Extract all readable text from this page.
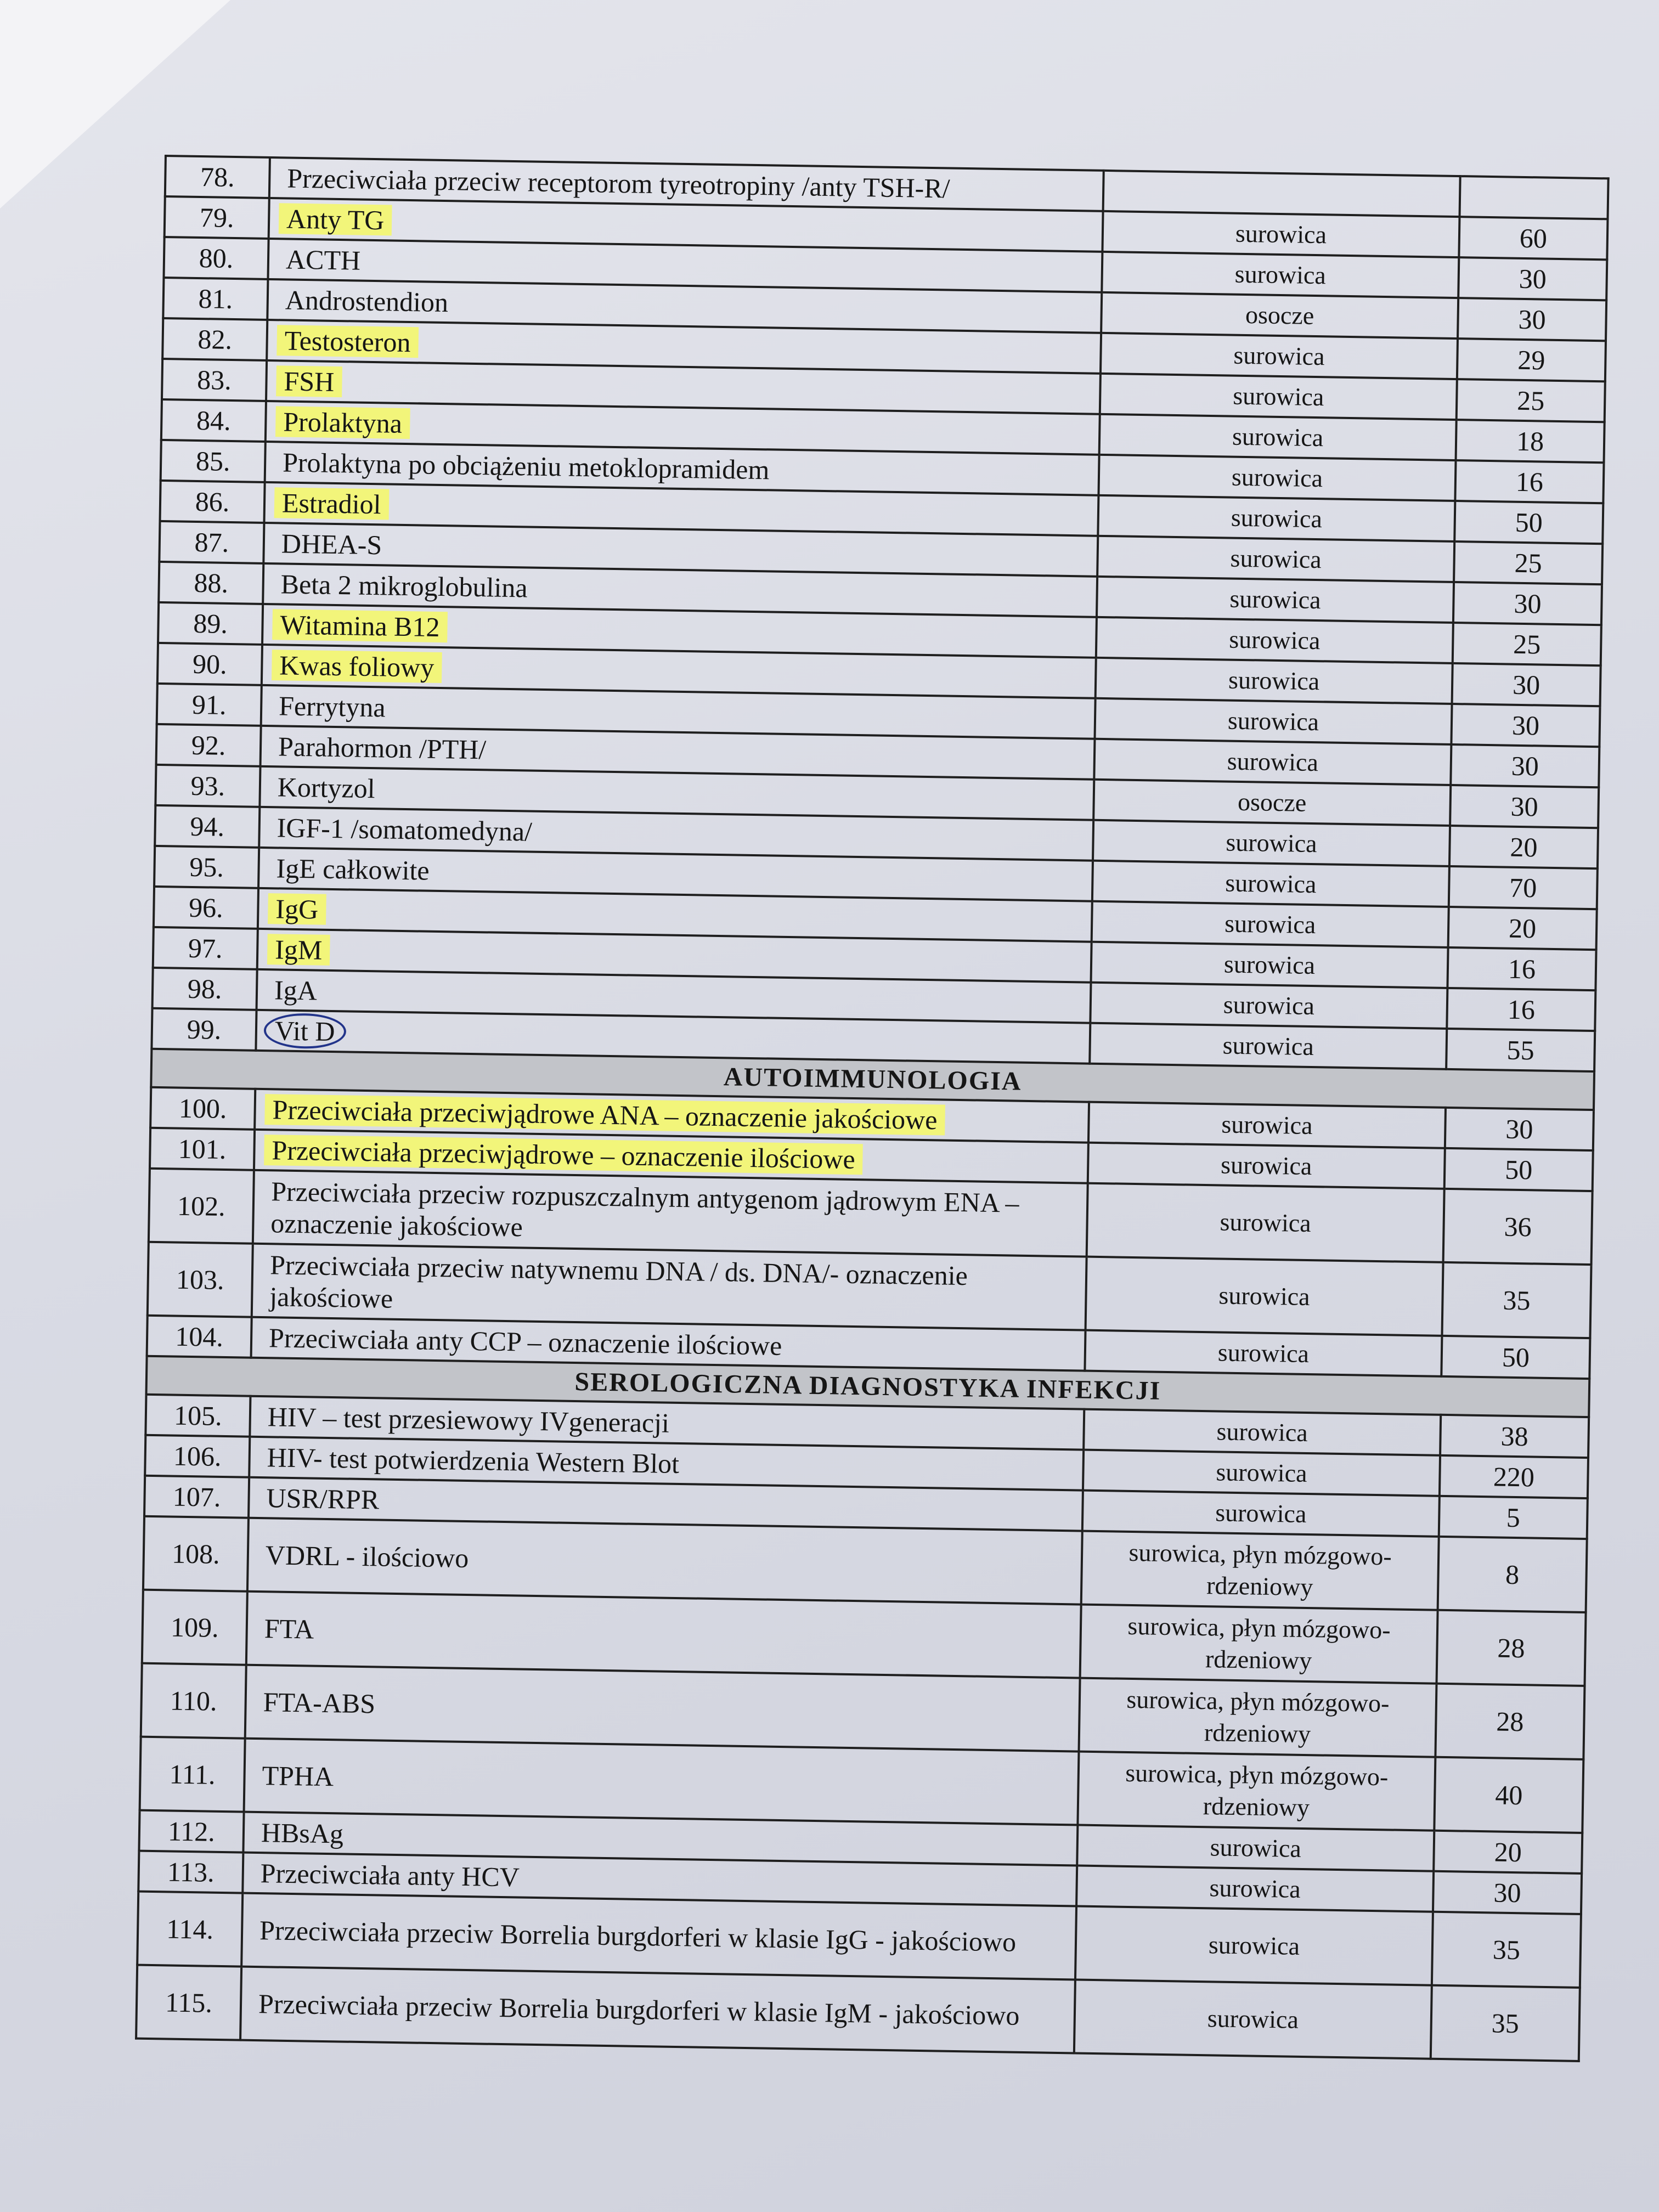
78.	Przeciwciała przeciw receptorom tyreotropiny /anty TSH-R/		
79.	Anty TG	surowica	60
80.	ACTH	surowica	30
81.	Androstendion	osocze	30
82.	Testosteron	surowica	29
83.	FSH	surowica	25
84.	Prolaktyna	surowica	18
85.	Prolaktyna po obciążeniu metoklopramidem	surowica	16
86.	Estradiol	surowica	50
87.	DHEA-S	surowica	25
88.	Beta 2 mikroglobulina	surowica	30
89.	Witamina B12	surowica	25
90.	Kwas foliowy	surowica	30
91.	Ferrytyna	surowica	30
92.	Parahormon /PTH/	surowica	30
93.	Kortyzol	osocze	30
94.	IGF-1 /somatomedyna/	surowica	20
95.	IgE całkowite	surowica	70
96.	IgG	surowica	20
97.	IgM	surowica	16
98.	IgA	surowica	16
99.	Vit D	surowica	55
AUTOIMMUNOLOGIA			
100.	Przeciwciała przeciwjądrowe ANA – oznaczenie jakościowe	surowica	30
101.	Przeciwciała przeciwjądrowe – oznaczenie ilościowe	surowica	50
102.	Przeciwciała przeciw rozpuszczalnym antygenom jądrowym ENA –oznaczenie jakościowe	surowica	36
103.	Przeciwciała przeciw natywnemu DNA / ds. DNA/- oznaczenie jakościowe	surowica	35
104.	Przeciwciała anty CCP – oznaczenie ilościowe	surowica	50
SEROLOGICZNA DIAGNOSTYKA INFEKCJI			
105.	HIV – test przesiewowy IVgeneracji	surowica	38
106.	HIV- test potwierdzenia Western Blot	surowica	220
107.	USR/RPR	surowica	5
108.	VDRL - ilościowo	surowica, płyn mózgowo-rdzeniowy	8
109.	FTA	surowica, płyn mózgowo-rdzeniowy	28
110.	FTA-ABS	surowica, płyn mózgowo-rdzeniowy	28
111.	TPHA	surowica, płyn mózgowo-rdzeniowy	40
112.	HBsAg	surowica	20
113.	Przeciwciała anty HCV	surowica	30
114.	Przeciwciała przeciw Borrelia burgdorferi w klasie IgG - jakościowo	surowica	35
115.	Przeciwciała przeciw Borrelia burgdorferi w klasie IgM - jakościowo	surowica	35
